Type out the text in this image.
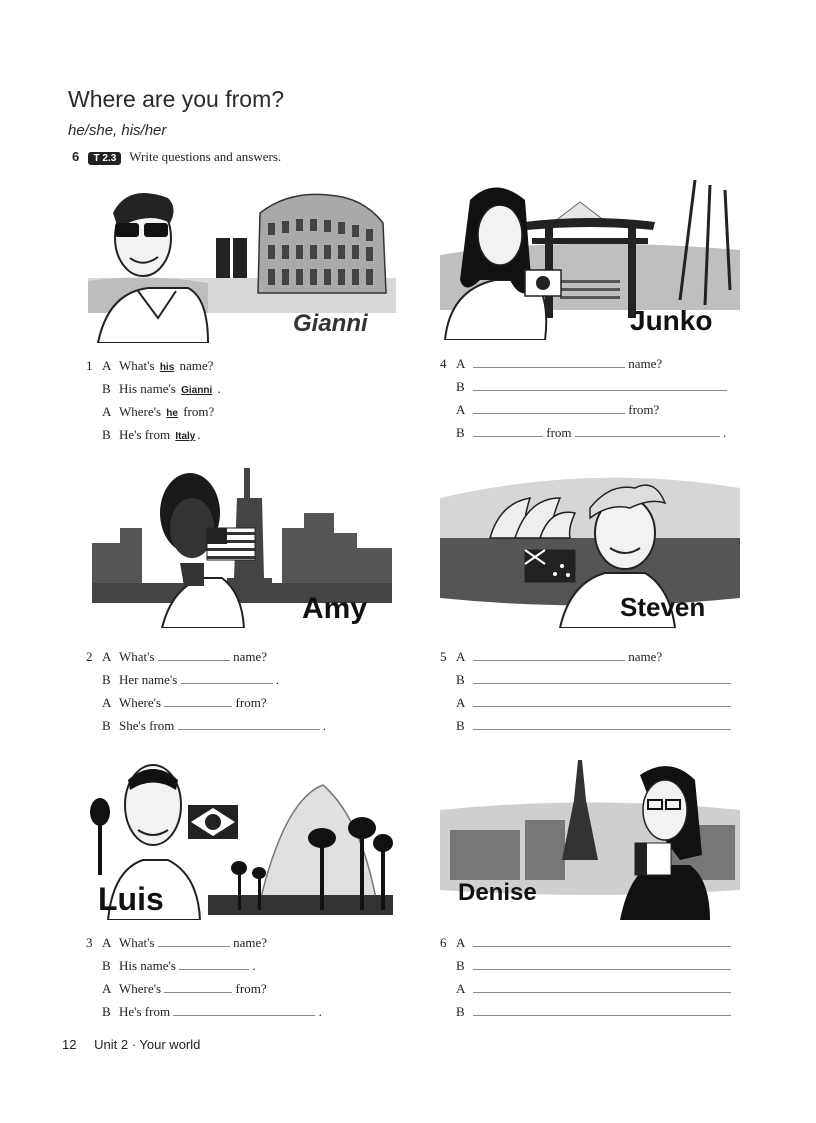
Where are you from?
he/she, his/her
6 T 2.3 Write questions and answers.
Gianni	Junko
1 A What's his name?
B His name's Gianni .
A Where's he from?
B He's from Italy .
4 A	name?
B
A	from?
B	from	.
Amy	Steven
2 A What's	name?
B Her name's	.
A Where's	from?
B She's from	.
5 A	name?
B
A
B
Luis	Denise
3 A What's	name?
B His name's	.
A Where's	from?
B He's from	.
6 A
B
A
B
12 Unit 2 · Your world
